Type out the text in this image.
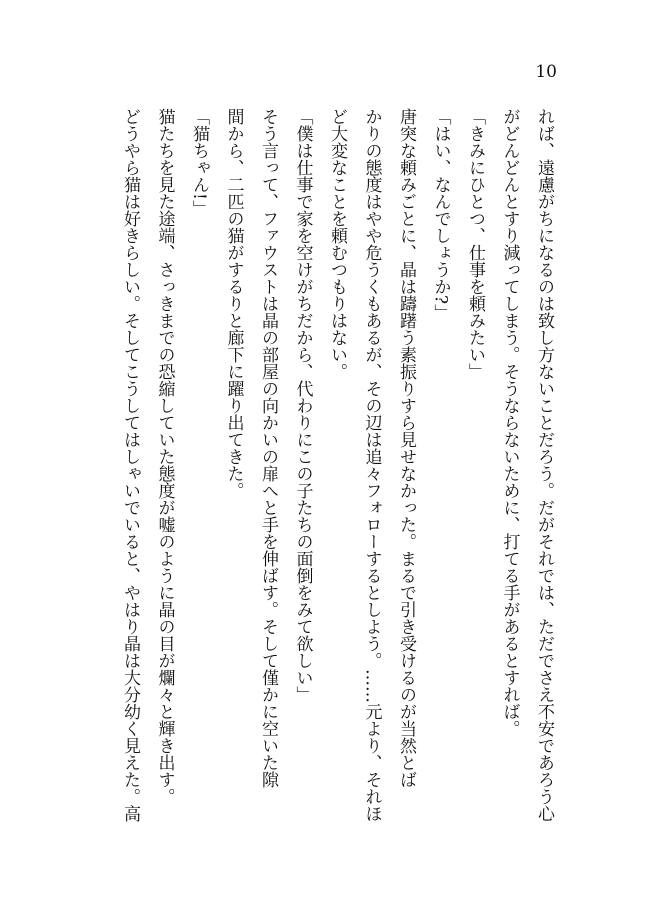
10
れば、遠慮がちになるのは致し方ないことだろう。だがそれでは、ただでさえ不安であろう心
がどんどんとすり減ってしまう。そうならないために、打てる手があるとすれば。
「きみにひとつ、仕事を頼みたい」
「はい、なんでしょうか?」
唐突な頼みごとに、晶は躊躇う素振りすら見せなかった。まるで引き受けるのが当然とば
かりの態度はやや危うくもあるが、その辺は追々フォローするとしよう。……元より、それほ
ど大変なことを頼むつもりはない。
「僕は仕事で家を空けがちだから、代わりにこの子たちの面倒をみて欲しい」
そう言って、ファウストは晶の部屋の向かいの扉へと手を伸ばす。そして僅かに空いた隙
間から、二匹の猫がするりと廊下に躍り出てきた。
「猫ちゃん!」
猫たちを見た途端、さっきまでの恐縮していた態度が嘘のように晶の目が爛々と輝き出す。
どうやら猫は好きらしい。そしてこうしてはしゃいでいると、やはり晶は大分幼く見えた。高
